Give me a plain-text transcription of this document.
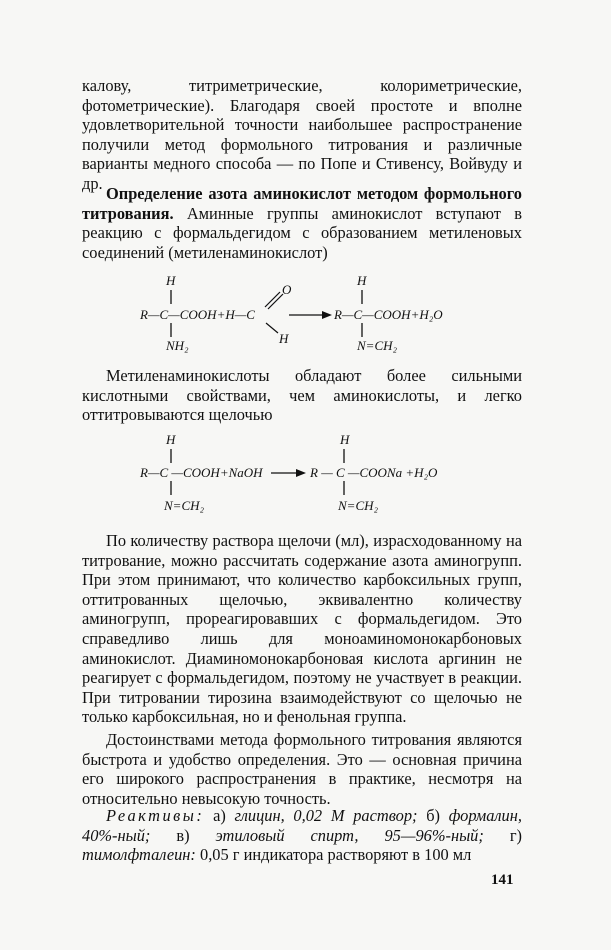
калову, титриметрические, колориметрические, фотометрические). Благодаря своей простоте и вполне удовлетворительной точности наибольшее распространение получили метод формольного титрования и различные варианты медного способа — по Попе и Стивенсу, Войвуду и др.

Определение азота аминокислот методом формольного титрования. Аминные группы аминокислот вступают в реакцию с формальдегидом с образованием метиленовых соединений (метиленаминокислот)

H
R—C—COOH+H—C
NH₂
O
H
H
R—C—COOH+H₂O
N=CH₂

Метиленаминокислоты обладают более сильными кислотными свойствами, чем аминокислоты, и легко оттитровываются щелочью

H
R—C —COOH+NaOH
N=CH₂
H
R — C —COONa +H₂O
N=CH₂

По количеству раствора щелочи (мл), израсходованному на титрование, можно рассчитать содержание азота аминогрупп. При этом принимают, что количество карбоксильных групп, оттитрованных щелочью, эквивалентно количеству аминогрупп, прореагировавших с формальдегидом. Это справедливо лишь для моноаминомонокарбоновых аминокислот. Диаминомонокарбоновая кислота аргинин не реагирует с формальдегидом, поэтому не участвует в реакции. При титровании тирозина взаимодействуют со щелочью не только карбоксильная, но и фенольная группа.

Достоинствами метода формольного титрования являются быстрота и удобство определения. Это — основная причина его широкого распространения в практике, несмотря на относительно невысокую точность.

Реактивы: а) глицин, 0,02 М раствор; б) формалин, 40%-ный; в) этиловый спирт, 95—96%-ный; г) тимолфталеин: 0,05 г индикатора растворяют в 100 мл

141
